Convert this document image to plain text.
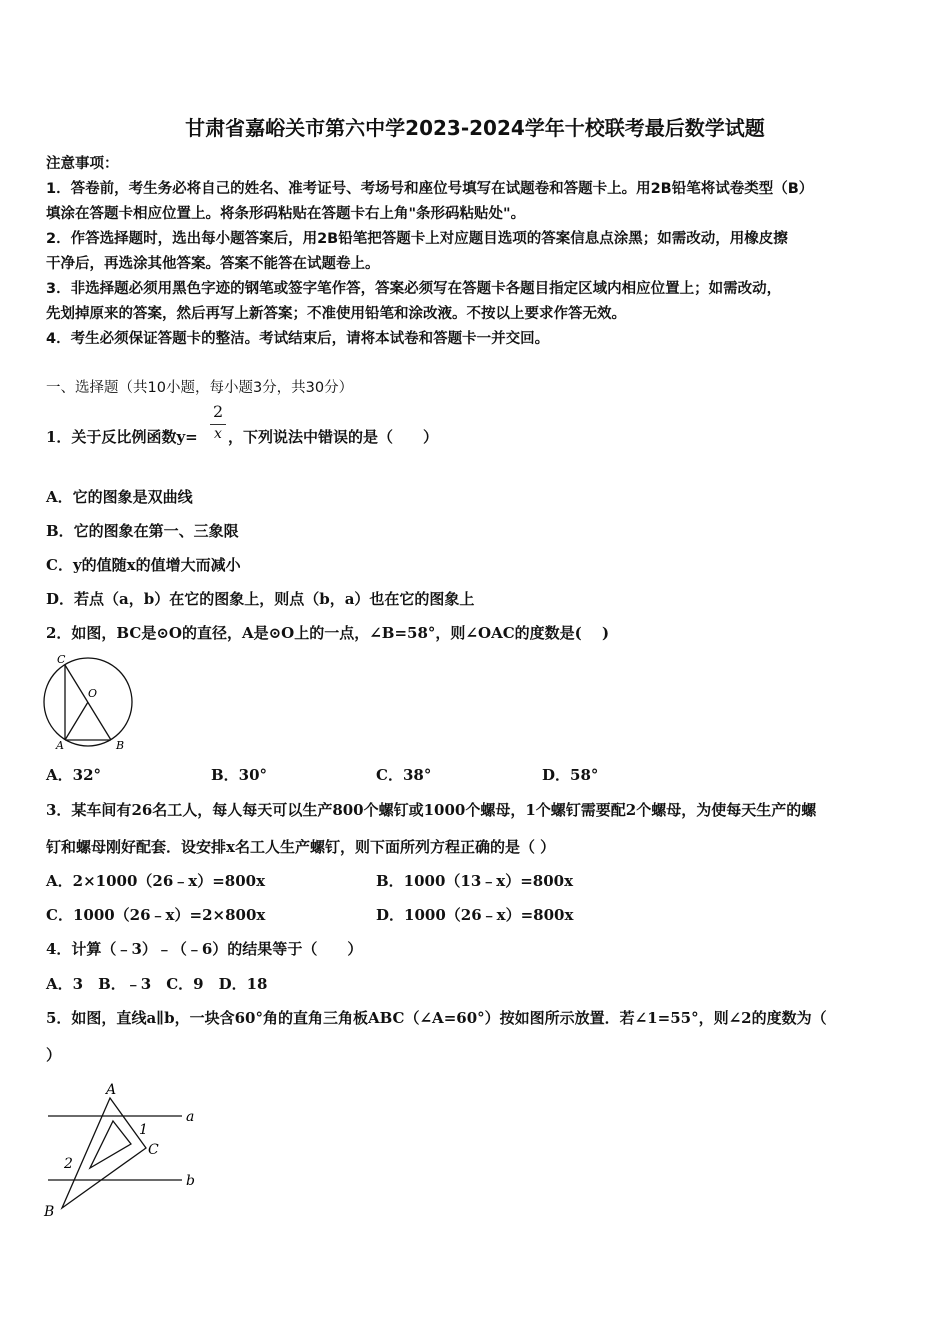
甘肃省嘉峪关市第六中学2023-2024学年十校联考最后数学试题
注意事项：
1．答卷前，考生务必将自己的姓名、准考证号、考场号和座位号填写在试题卷和答题卡上。用2B铅笔将试卷类型（B）
填涂在答题卡相应位置上。将条形码粘贴在答题卡右上角"条形码粘贴处"。
2．作答选择题时，选出每小题答案后，用2B铅笔把答题卡上对应题目选项的答案信息点涂黑；如需改动，用橡皮擦
干净后，再选涂其他答案。答案不能答在试题卷上。
3．非选择题必须用黑色字迹的钢笔或签字笔作答，答案必须写在答题卡各题目指定区域内相应位置上；如需改动，
先划掉原来的答案，然后再写上新答案；不准使用铅笔和涂改液。不按以上要求作答无效。
4．考生必须保证答题卡的整洁。考试结束后，请将本试卷和答题卡一并交回。
一、选择题（共10小题，每小题3分，共30分）
1．关于反比例函数y=
2
x ，下列说法中错误的是（　　）
A．它的图象是双曲线
B．它的图象在第一、三象限
C．y的值随x的值增大而减小
D．若点（a，b）在它的图象上，则点（b，a）也在它的图象上
2．如图，BC是⊙O的直径，A是⊙O上的一点，∠B=58°，则∠OAC的度数是(　 )
C
O
A	B
A．32°	B．30°	C．38°	D．58°
3．某车间有26名工人，每人每天可以生产800个螺钉或1000个螺母，1个螺钉需要配2个螺母，为使每天生产的螺
钉和螺母刚好配套．设安排x名工人生产螺钉，则下面所列方程正确的是（ ）
A．2×1000（26﹣x）=800x	B．1000（13﹣x）=800x
C．1000（26﹣x）=2×800x	D．1000（26﹣x）=800x
4．计算（﹣3）﹣（﹣6）的结果等于（　　）
A．3　B．﹣3　C．9　D．18
5．如图，直线a∥b，一块含60°角的直角三角板ABC（∠A=60°）按如图所示放置．若∠1=55°，则∠2的度数为（
）
A
B
C
a
b
1
2
